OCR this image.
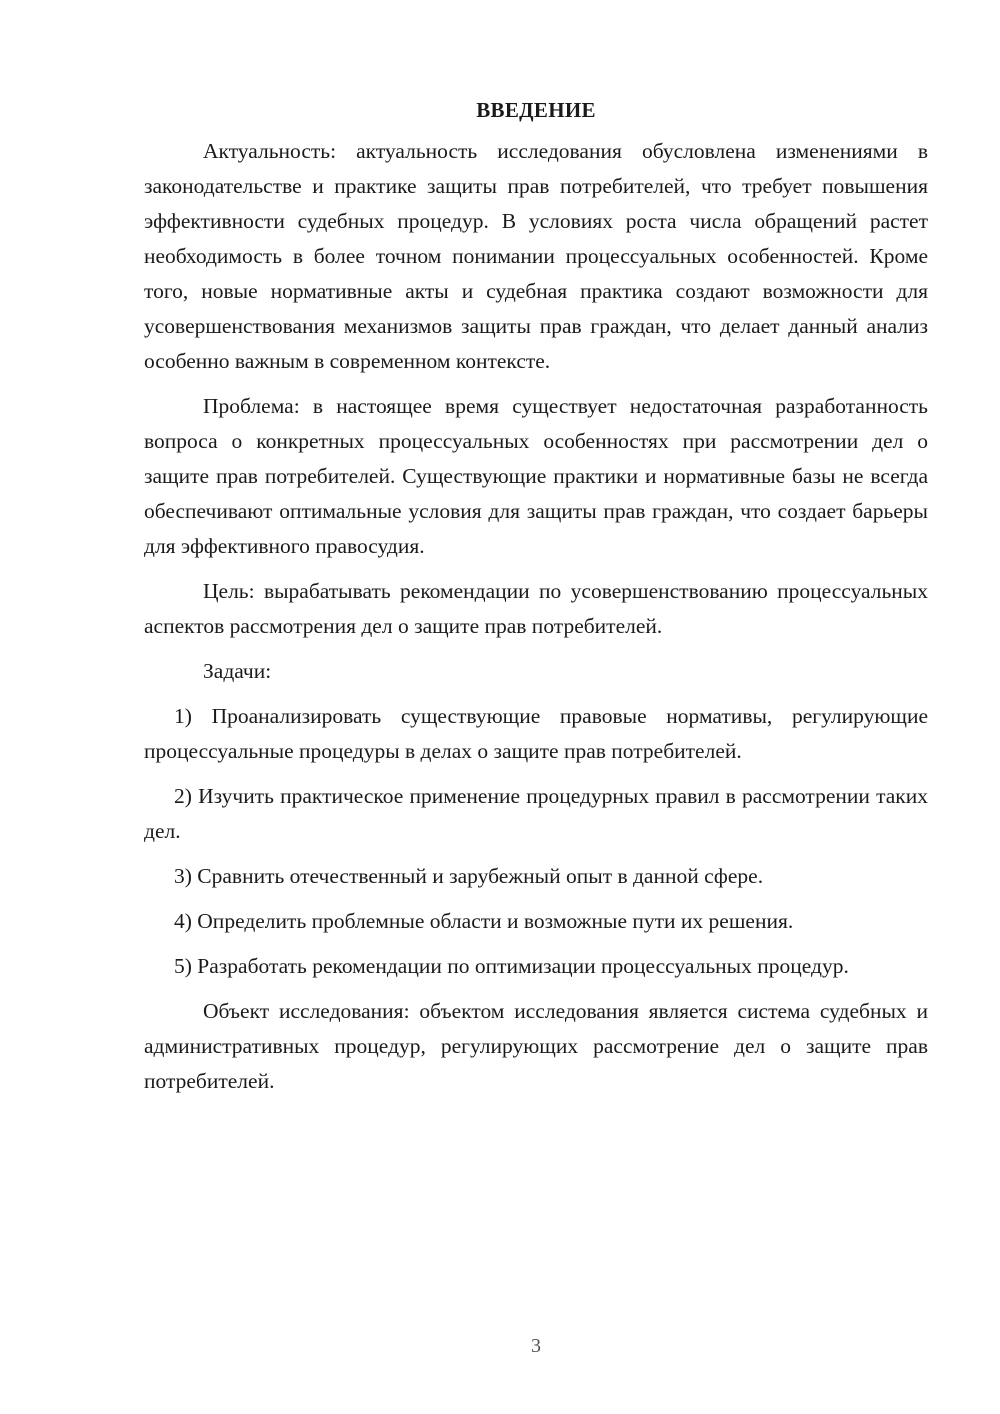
ВВЕДЕНИЕ

Актуальность: актуальность исследования обусловлена изменениями в законодательстве и практике защиты прав потребителей, что требует повышения эффективности судебных процедур. В условиях роста числа обращений растет необходимость в более точном понимании процессуальных особенностей. Кроме того, новые нормативные акты и судебная практика создают возможности для усовершенствования механизмов защиты прав граждан, что делает данный анализ особенно важным в современном контексте.

Проблема: в настоящее время существует недостаточная разработанность вопроса о конкретных процессуальных особенностях при рассмотрении дел о защите прав потребителей. Существующие практики и нормативные базы не всегда обеспечивают оптимальные условия для защиты прав граждан, что создает барьеры для эффективного правосудия.

Цель: вырабатывать рекомендации по усовершенствованию процессуальных аспектов рассмотрения дел о защите прав потребителей.

Задачи:

1) Проанализировать существующие правовые нормативы, регулирующие процессуальные процедуры в делах о защите прав потребителей.

2) Изучить практическое применение процедурных правил в рассмотрении таких дел.

3) Сравнить отечественный и зарубежный опыт в данной сфере.

4) Определить проблемные области и возможные пути их решения.

5) Разработать рекомендации по оптимизации процессуальных процедур.

Объект исследования: объектом исследования является система судебных и административных процедур, регулирующих рассмотрение дел о защите прав потребителей.

3
